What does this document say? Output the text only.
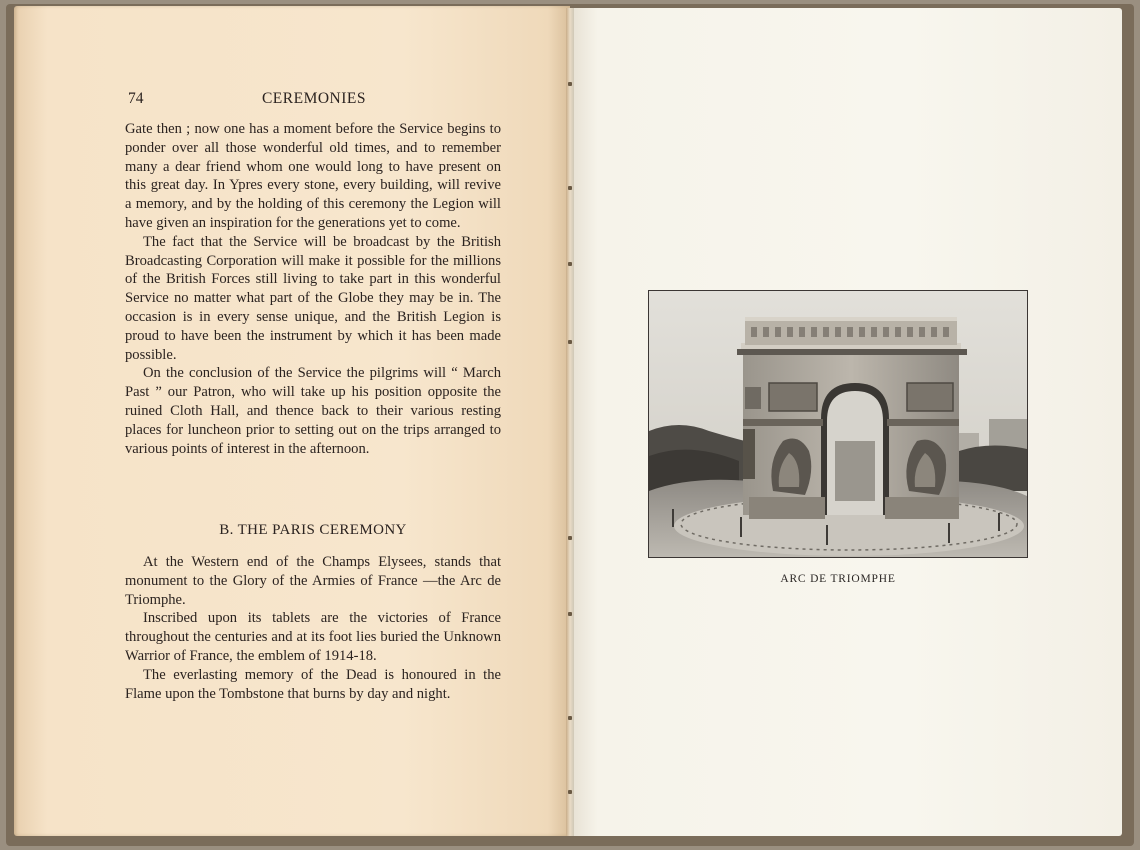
74	CEREMONIES

Gate then ; now one has a moment before the Service begins to ponder over all those wonderful old times, and to remember many a dear friend whom one would long to have present on this great day. In Ypres every stone, every building, will revive a memory, and by the holding of this ceremony the Legion will have given an inspiration for the generations yet to come.

The fact that the Service will be broadcast by the British Broadcasting Corporation will make it possible for the millions of the British Forces still living to take part in this wonderful Service no matter what part of the Globe they may be in. The occasion is in every sense unique, and the British Legion is proud to have been the instrument by which it has been made possible.

On the conclusion of the Service the pilgrims will “ March Past ” our Patron, who will take up his position opposite the ruined Cloth Hall, and thence back to their various resting places for luncheon prior to setting out on the trips arranged to various points of interest in the afternoon.

B. THE PARIS CEREMONY

At the Western end of the Champs Elysees, stands that monument to the Glory of the Armies of France —the Arc de Triomphe.

Inscribed upon its tablets are the victories of France throughout the centuries and at its foot lies buried the Unknown Warrior of France, the emblem of 1914-18.

The everlasting memory of the Dead is honoured in the Flame upon the Tombstone that burns by day and night.

ARC DE TRIOMPHE
